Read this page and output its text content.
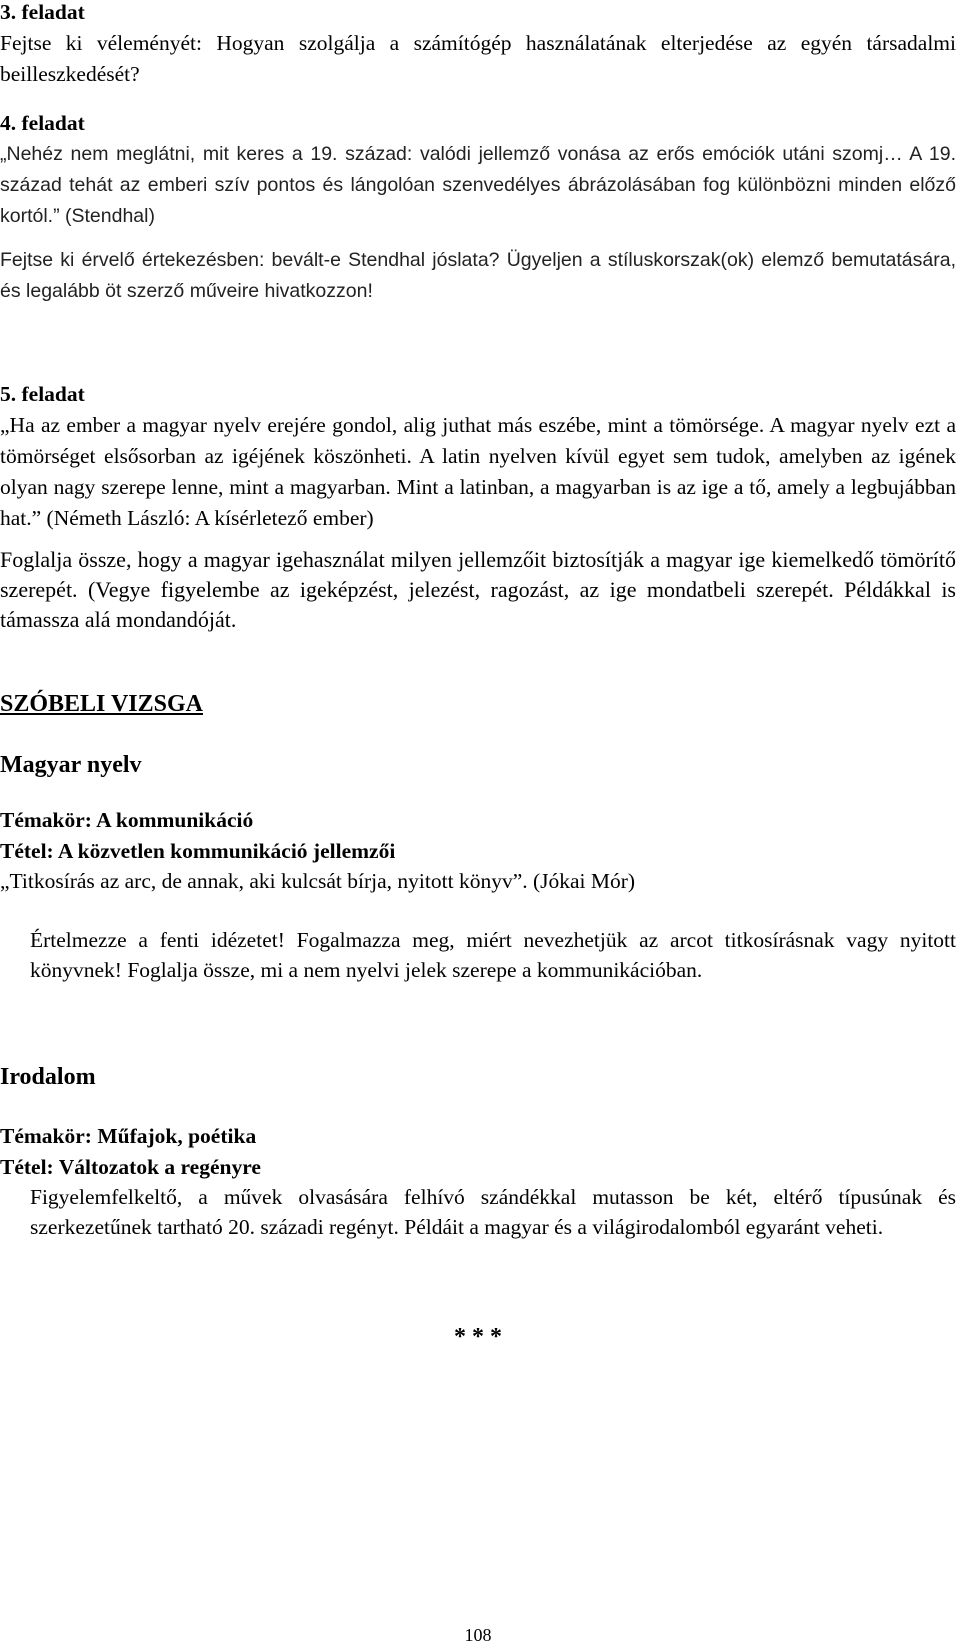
3. feladat

Fejtse ki véleményét: Hogyan szolgálja a számítógép használatának elterjedése az egyén társadalmi beilleszkedését?

4. feladat

„Nehéz nem meglátni, mit keres a 19. század: valódi jellemző vonása az erős emóciók utáni szomj… A 19. század tehát az emberi szív pontos és lángolóan szenvedélyes ábrázolásában fog különbözni minden előző kortól.” (Stendhal)

Fejtse ki érvelő értekezésben: bevált-e Stendhal jóslata? Ügyeljen a stíluskorszak(ok) elemző bemutatására, és legalább öt szerző műveire hivatkozzon!

5. feladat

„Ha az ember a magyar nyelv erejére gondol, alig juthat más eszébe, mint a tömörsége. A magyar nyelv ezt a tömörséget elsősorban az igéjének köszönheti. A latin nyelven kívül egyet sem tudok, amelyben az igének olyan nagy szerepe lenne, mint a magyarban. Mint a latinban, a magyarban is az ige a tő, amely a legbujábban hat.” (Németh László: A kísérletező ember)

Foglalja össze, hogy a magyar igehasználat milyen jellemzőit biztosítják a magyar ige kiemelkedő tömörítő szerepét. (Vegye figyelembe az igeképzést, jelezést, ragozást, az ige mondatbeli szerepét. Példákkal is támassza alá mondandóját.

SZÓBELI VIZSGA

Magyar nyelv

Témakör: A kommunikáció

Tétel: A közvetlen kommunikáció jellemzői

„Titkosírás az arc, de annak, aki kulcsát bírja, nyitott könyv”. (Jókai Mór)

Értelmezze a fenti idézetet! Fogalmazza meg, miért nevezhetjük az arcot titkosírásnak vagy nyitott könyvnek! Foglalja össze, mi a nem nyelvi jelek szerepe a kommunikációban.

Irodalom

Témakör: Műfajok, poétika

Tétel: Változatok a regényre

Figyelemfelkeltő, a művek olvasására felhívó szándékkal mutasson be két, eltérő típusúnak és szerkezetűnek tartható 20. századi regényt. Példáit a magyar és a világirodalomból egyaránt veheti.

* * *
108
